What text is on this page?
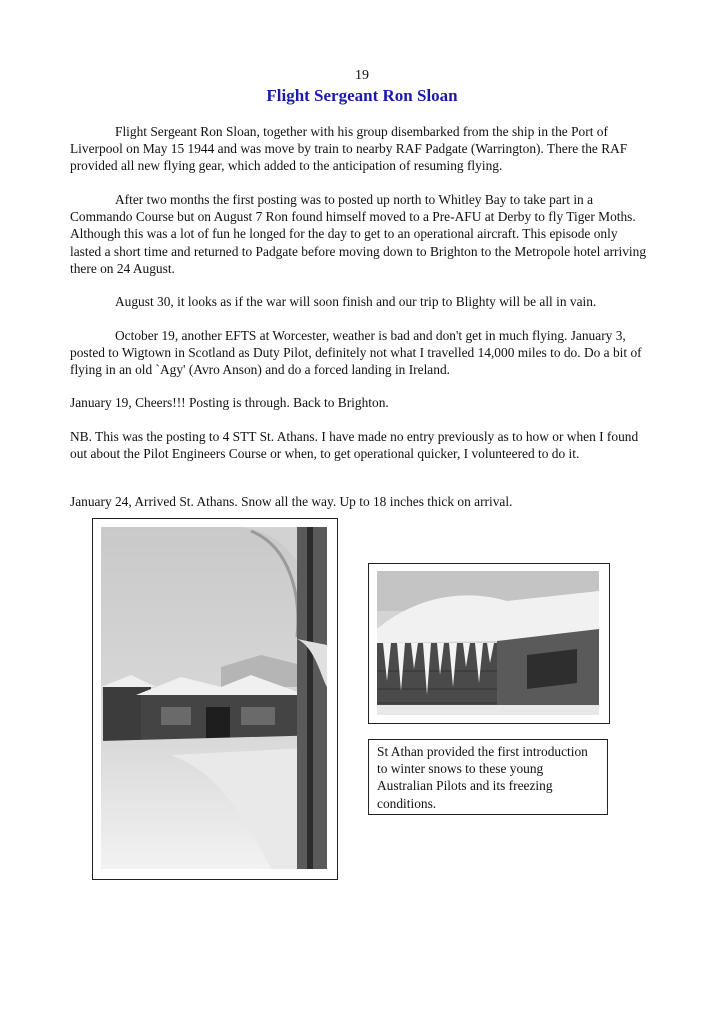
19
Flight Sergeant Ron Sloan

Flight Sergeant Ron Sloan, together with his group disembarked from the ship in the Port of Liverpool on May 15 1944 and was move by train to nearby RAF Padgate (Warrington). There the RAF provided all new flying gear, which added to the anticipation of resuming flying.

After two months the first posting was to posted up north to Whitley Bay to take part in a Commando Course but on August 7 Ron found himself moved to a Pre-AFU at Derby to fly Tiger Moths. Although this was a lot of fun he longed for the day to get to an operational aircraft. This episode only lasted a short time and returned to Padgate before moving down to Brighton to the Metropole hotel arriving there on 24 August.

August 30, it looks as if the war will soon finish and our trip to Blighty will be all in vain.

October 19, another EFTS at Worcester, weather is bad and don't get in much flying. January 3, posted to Wigtown in Scotland as Duty Pilot, definitely not what I travelled 14,000 miles to do. Do a bit of flying in an old `Agy' (Avro Anson) and do a forced landing in Ireland.

January 19, Cheers!!! Posting is through. Back to Brighton.

NB. This was the posting to 4 STT St. Athans. I have made no entry previously as to how or when I found out about the Pilot Engineers Course or when, to get operational quicker, I volunteered to do it.

January 24, Arrived St. Athans. Snow all the way. Up to 18 inches thick on arrival.

St Athan provided the first introduction to winter snows to these young Australian Pilots and its freezing conditions.
